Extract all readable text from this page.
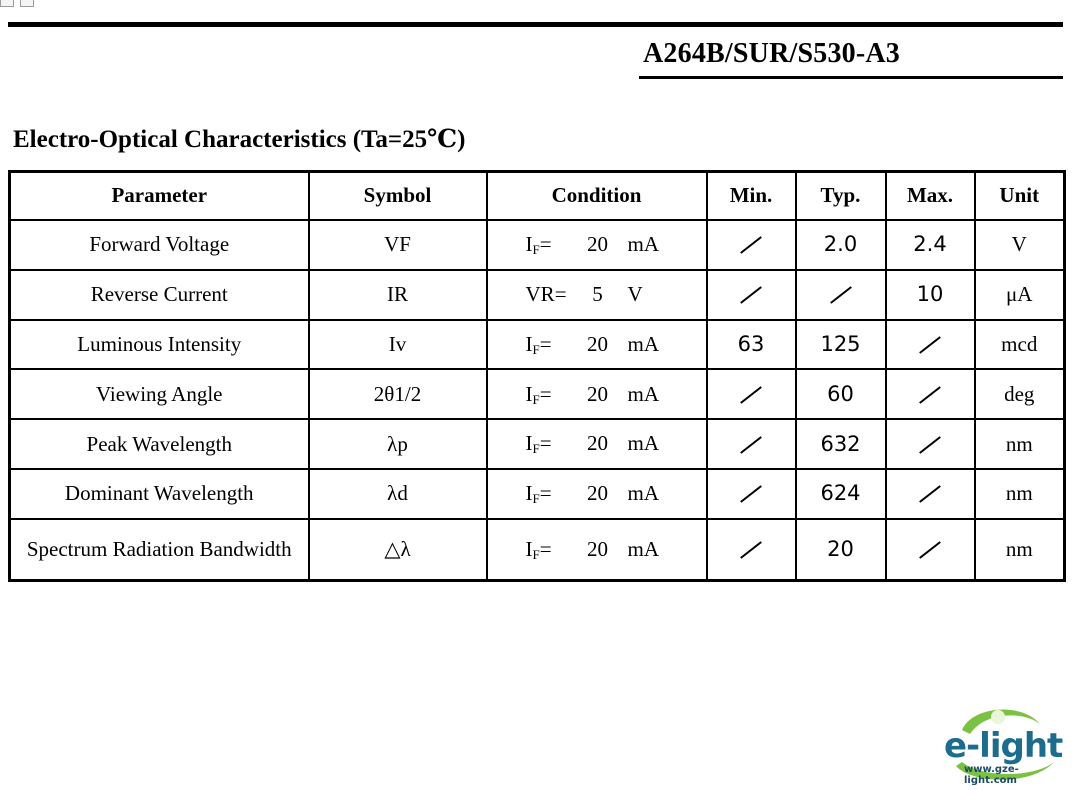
A264B/SUR/S530-A3
Electro-Optical Characteristics (Ta=25℃)
Parameter	Symbol	Condition	Min.	Typ.	Max.	Unit
Forward Voltage	VF	$I_F= 20$ mA		2.0	2.4	V
Reverse Current	IR	VR= 5 V			10	μA
Luminous Intensity	Iv	$I_F= 20$ mA	63	125		mcd
Viewing Angle	2θ1/2	$I_F= 20$ mA		60		deg
Peak Wavelength	λp	$I_F= 20$ mA		632		nm
Dominant Wavelength	λd	$I_F= 20$ mA		624		nm
Spectrum Radiation Bandwidth	△λ	$I_F= 20$ mA		20		nm
e-light
www.gze-light.com
